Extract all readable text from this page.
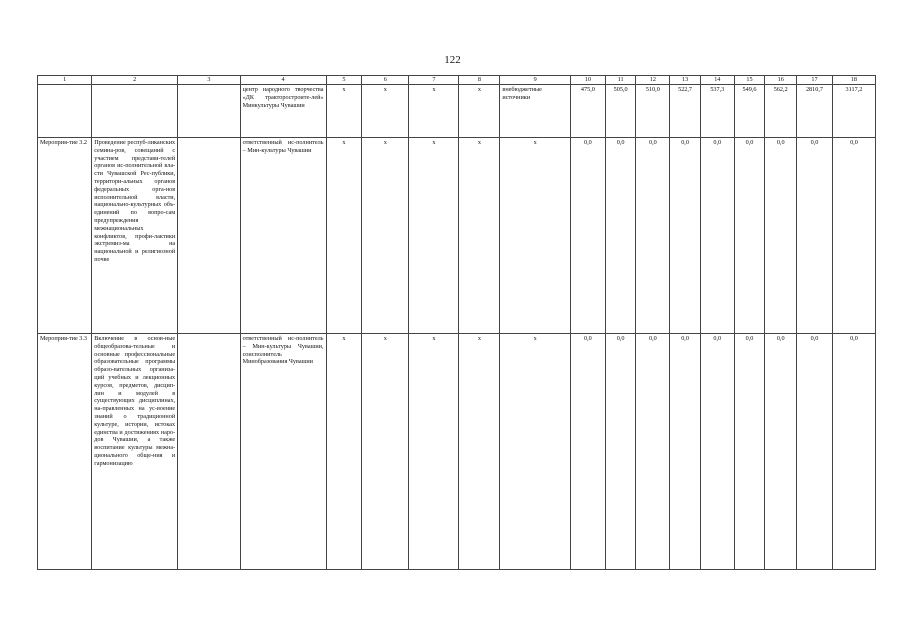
122
1	2	3	4	5	6	7	8	9	10	11	12	13	14	15	16	17	18
			центр народного творчества «ДК тракторостроите-лей» Минкультуры Чувашии	x	x	x	x	внебюджетные источники	475,0	505,0	510,0	522,7	537,3	549,6	562,2	2810,7	3117,2
Мероприя-тие 3.2	Проведение респуб-ликанских семина-ров, совещаний с участием представи-телей органов ис-полнительной вла-сти Чувашской Рес-публики, территори-альных органов федеральных орга-нов исполнительной власти, национально-культурных объ-единений по вопро-сам предупреждения межнациональных конфликтов, профи-лактики экстремиз-ма на национальной и религиозной почве		ответственный ис-полнитель – Мин-культуры Чувашии	x	x	x	x	x	0,0	0,0	0,0	0,0	0,0	0,0	0,0	0,0	0,0
Мероприя-тие 3.3	Включение в основ-ные общеобразова-тельные и основные профессиональные образовательные программы образо-вательных организа-ций учебных и лекционных курсов, предметов, дисцип-лин и модулей в существующих дисциплинах, на-правленных на ус-воение знаний о традиционной культуре, истории, истоках единства и достижениях наро-дов Чувашии, а также воспитание культуры межна-ционального обще-ния и гармонизацию		ответственный ис-полнитель – Мин-культуры Чувашии, соисполнитель Минобразования Чувашии	x	x	x	x	x	0,0	0,0	0,0	0,0	0,0	0,0	0,0	0,0	0,0
